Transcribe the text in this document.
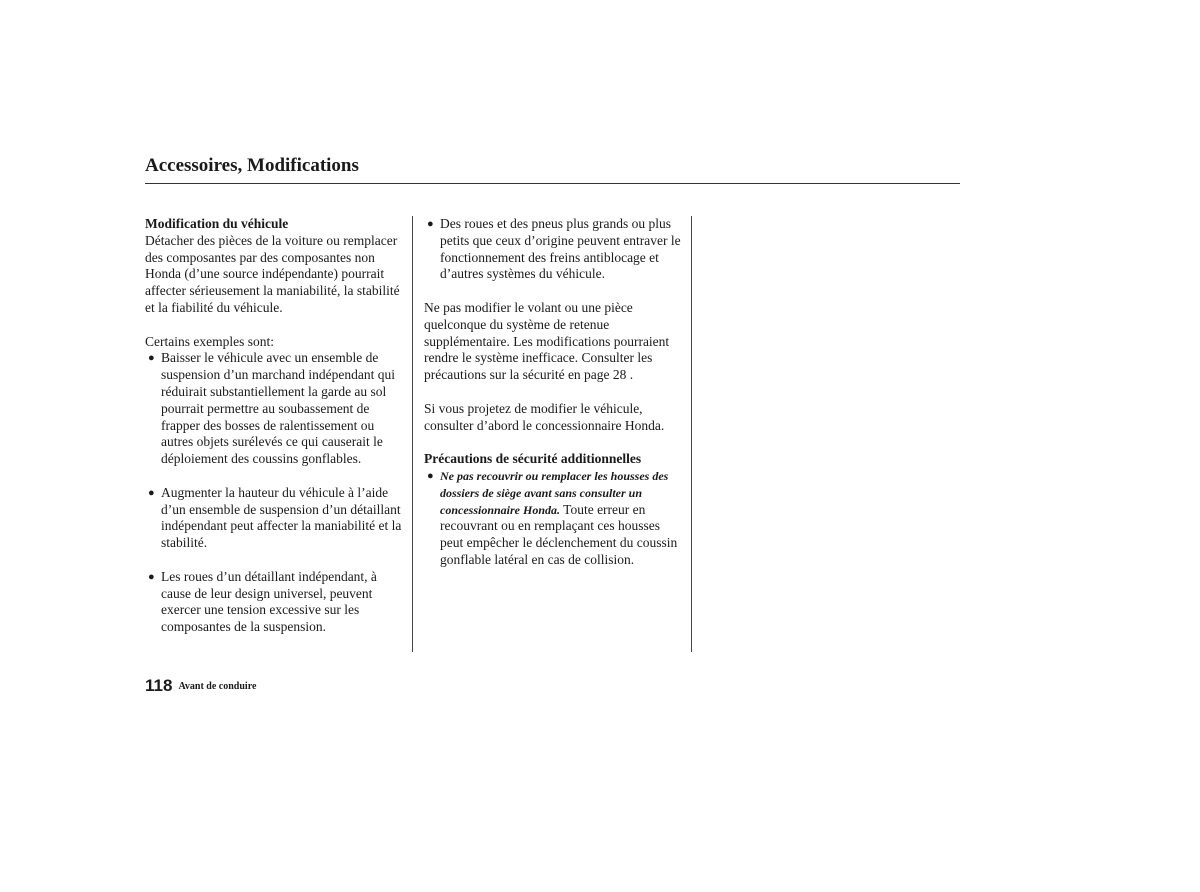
Accessoires, Modifications

Modification du véhicule

Détacher des pièces de la voiture ou remplacer des composantes par des composantes non Honda (d’une source indépendante) pourrait affecter sérieusement la maniabilité, la stabilité et la fiabilité du véhicule.

Certains exemples sont:

● Baisser le véhicule avec un ensemble de suspension d’un marchand indépendant qui réduirait substantiellement la garde au sol pourrait permettre au soubassement de frapper des bosses de ralentissement ou autres objets surélevés ce qui causerait le déploiement des coussins gonflables.
● Augmenter la hauteur du véhicule à l’aide d’un ensemble de suspension d’un détaillant indépendant peut affecter la maniabilité et la stabilité.
● Les roues d’un détaillant indépendant, à cause de leur design universel, peuvent exercer une tension excessive sur les composantes de la suspension.
● Des roues et des pneus plus grands ou plus petits que ceux d’origine peuvent entraver le fonctionnement des freins antiblocage et d’autres systèmes du véhicule.

Ne pas modifier le volant ou une pièce quelconque du système de retenue supplémentaire. Les modifications pourraient rendre le système inefficace. Consulter les précautions sur la sécurité en page 28 .

Si vous projetez de modifier le véhicule, consulter d’abord le concessionnaire Honda.

Précautions de sécurité additionnelles

● Ne pas recouvrir ou remplacer les housses des dossiers de siège avant sans consulter un concessionnaire Honda. Toute erreur en recouvrant ou en remplaçant ces housses peut empêcher le déclenchement du coussin gonflable latéral en cas de collision.
118 Avant de conduire
